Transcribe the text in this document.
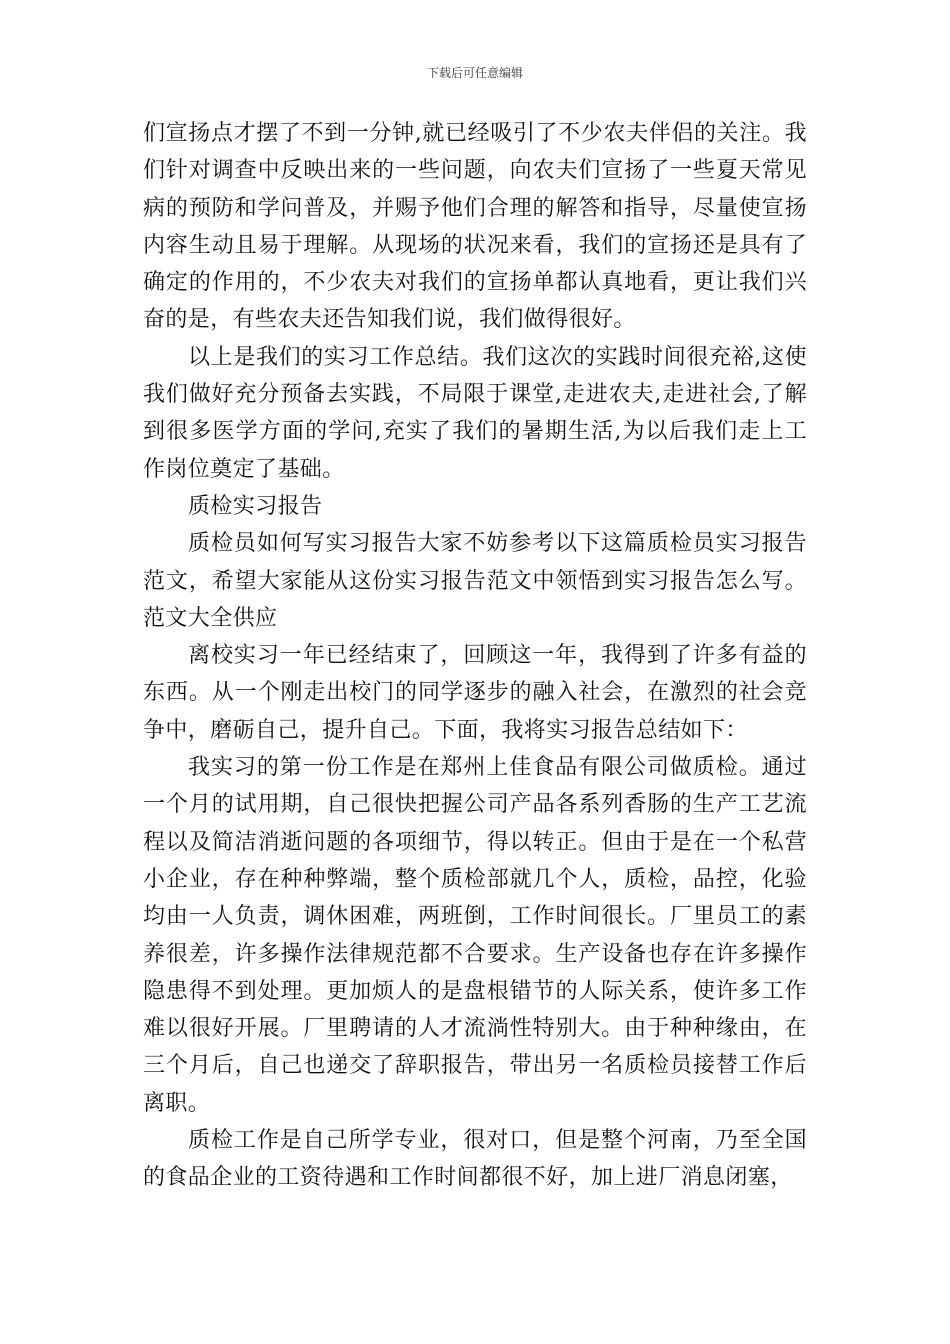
下载后可任意编辑

们宣扬点才摆了不到一分钟,就已经吸引了不少农夫伴侣的关注。我们针对调查中反映出来的一些问题，向农夫们宣扬了一些夏天常见病的预防和学问普及，并赐予他们合理的解答和指导，尽量使宣扬内容生动且易于理解。从现场的状况来看，我们的宣扬还是具有了确定的作用的，不少农夫对我们的宣扬单都认真地看，更让我们兴奋的是，有些农夫还告知我们说，我们做得很好。

以上是我们的实习工作总结。我们这次的实践时间很充裕,这使我们做好充分预备去实践，不局限于课堂,走进农夫,走进社会,了解到很多医学方面的学问,充实了我们的暑期生活,为以后我们走上工作岗位奠定了基础。

质检实习报告

质检员如何写实习报告大家不妨参考以下这篇质检员实习报告范文，希望大家能从这份实习报告范文中领悟到实习报告怎么写。范文大全供应

离校实习一年已经结束了，回顾这一年，我得到了许多有益的东西。从一个刚走出校门的同学逐步的融入社会，在激烈的社会竞争中，磨砺自己，提升自己。下面，我将实习报告总结如下：

我实习的第一份工作是在郑州上佳食品有限公司做质检。通过一个月的试用期，自己很快把握公司产品各系列香肠的生产工艺流程以及简洁消逝问题的各项细节，得以转正。但由于是在一个私营小企业，存在种种弊端，整个质检部就几个人，质检，品控，化验均由一人负责，调休困难，两班倒，工作时间很长。厂里员工的素养很差，许多操作法律规范都不合要求。生产设备也存在许多操作隐患得不到处理。更加烦人的是盘根错节的人际关系，使许多工作难以很好开展。厂里聘请的人才流淌性特别大。由于种种缘由，在三个月后，自己也递交了辞职报告，带出另一名质检员接替工作后离职。

质检工作是自己所学专业，很对口，但是整个河南，乃至全国的食品企业的工资待遇和工作时间都很不好，加上进厂消息闭塞，
